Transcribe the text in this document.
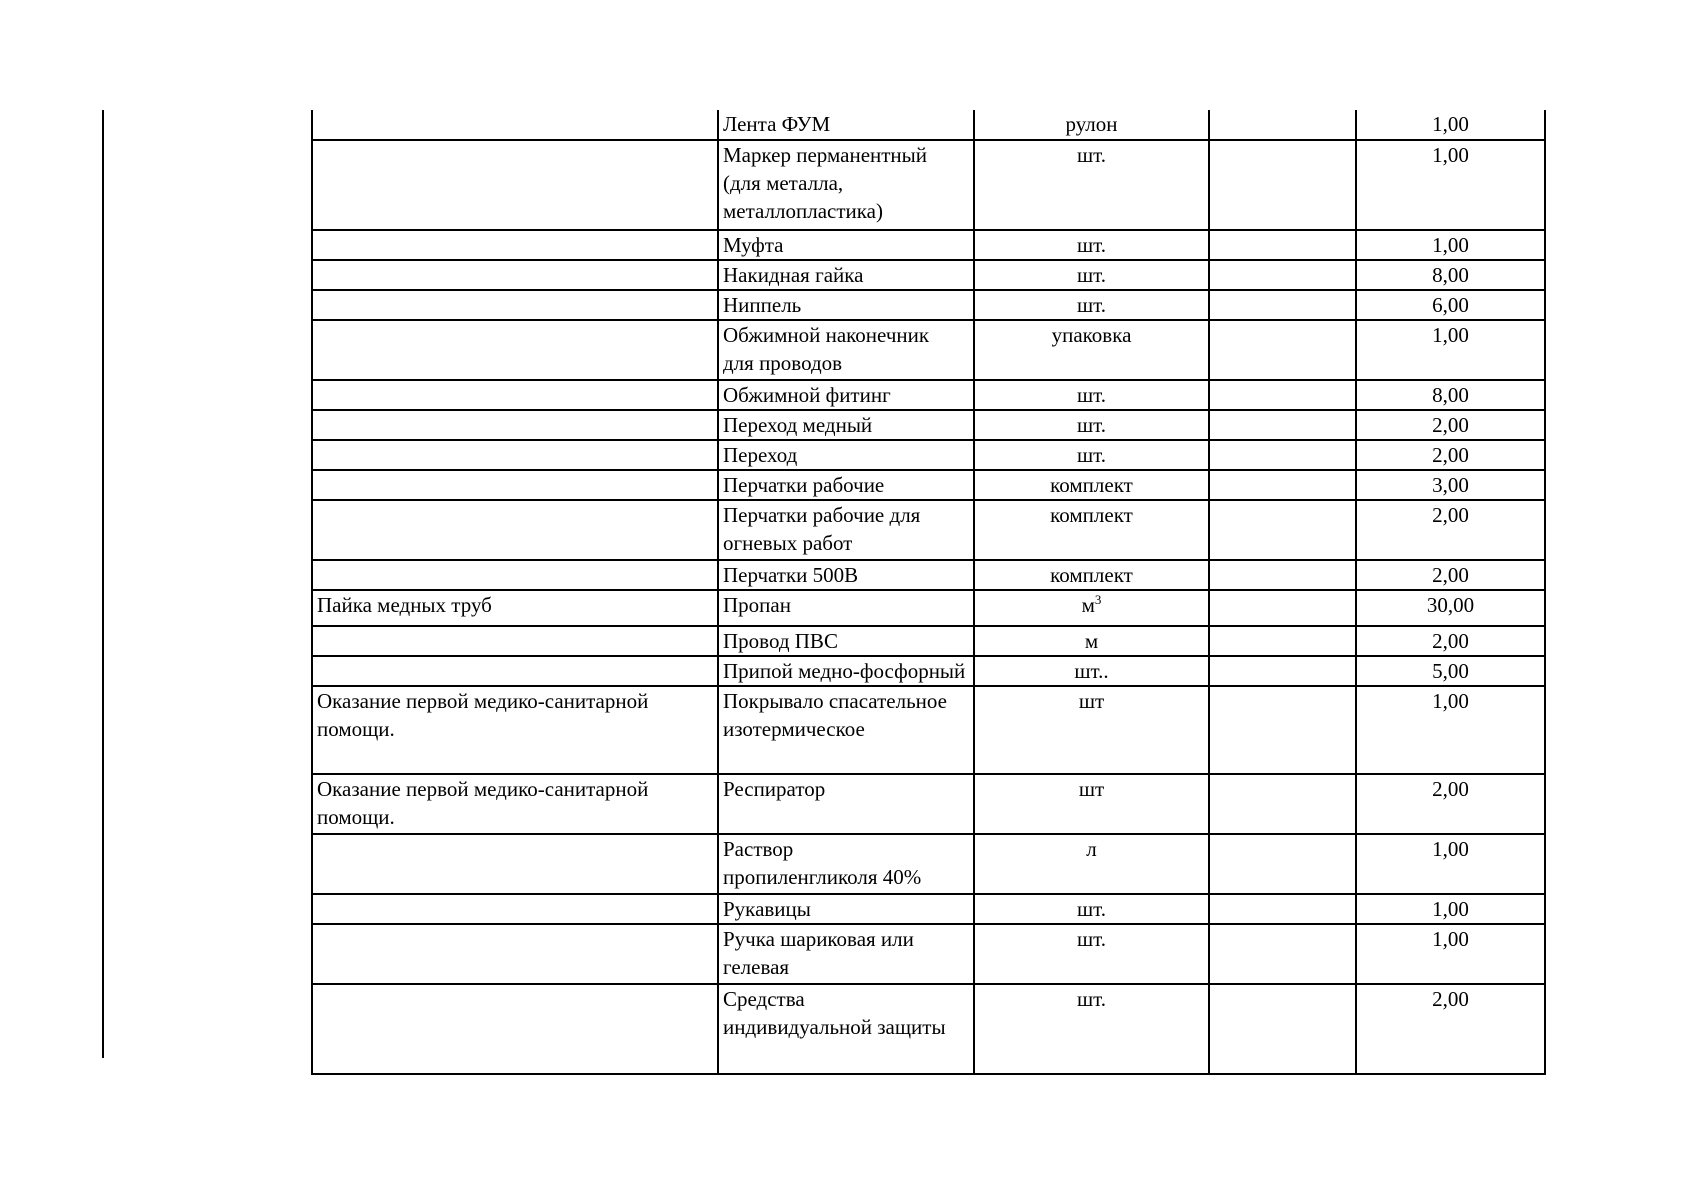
	Лента ФУМ	рулон		1,00
	Маркер перманентный
(для металла,
металлопластика)	шт.		1,00
	Муфта	шт.		1,00
	Накидная гайка	шт.		8,00
	Ниппель	шт.		6,00
	Обжимной наконечник
для проводов	упаковка		1,00
	Обжимной фитинг	шт.		8,00
	Переход медный	шт.		2,00
	Переход	шт.		2,00
	Перчатки рабочие	комплект		3,00
	Перчатки рабочие для
огневых работ	комплект		2,00
	Перчатки 500В	комплект		2,00
Пайка медных труб	Пропан	$м^3$		30,00
	Провод ПВС	м		2,00
	Припой медно-фосфорный	шт..		5,00
Оказание первой медико-санитарной
помощи.	Покрывало спасательное
изотермическое	шт		1,00
Оказание первой медико-санитарной
помощи.	Респиратор	шт		2,00
	Раствор
пропиленгликоля 40%	л		1,00
	Рукавицы	шт.		1,00
	Ручка шариковая или
гелевая	шт.		1,00
	Средства
индивидуальной защиты	шт.		2,00
